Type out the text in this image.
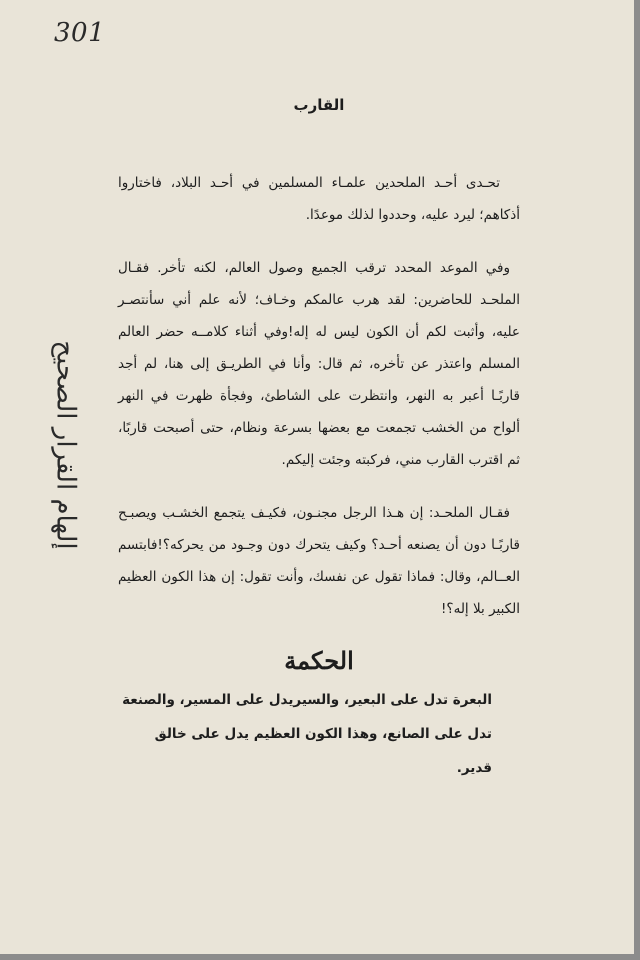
301
إلهام القرار الصحيح
القارب

تحـدى أحـد الملحدين علمـاء المسلمين في أحـد البلاد، فاختاروا أذكاهم؛ ليرد عليه، وحددوا لذلك موعدًا.

وفي الموعد المحدد ترقب الجميع وصول العالم، لكنه تأخر. فقـال الملحـد للحاضرين: لقد هرب عالمكم وخـاف؛ لأنه علم أني سأنتصـر عليه، وأثبت لكم أن الكون ليس له إله!وفي أثناء كلامــه حضر العالم المسلم واعتذر عن تأخره، ثم قال: وأنا في الطريـق إلى هنا، لم أجد قاربًـا أعبر به النهر، وانتظرت على الشاطئ، وفجأة ظهرت في النهر ألواح من الخشب تجمعت مع بعضها بسرعة ونظام، حتى أصبحت قاربًا، ثم اقترب القارب مني، فركبته وجئت إليكم.

فقـال الملحـد: إن هـذا الرجل مجنـون، فكيـف يتجمع الخشـب ويصبـح قاربًـا دون أن يصنعه أحـد؟ وكيف يتحرك دون وجـود من يحركه؟!فابتسم العــالم، وقال: فماذا تقول عن نفسك، وأنت تقول: إن هذا الكون العظيم الكبير بلا إله؟!

الحكمة

البعرة تدل على البعير، والسيريدل على المسير، والصنعة تدل على الصانع، وهذا الكون العظيم يدل على خالق قدير.
